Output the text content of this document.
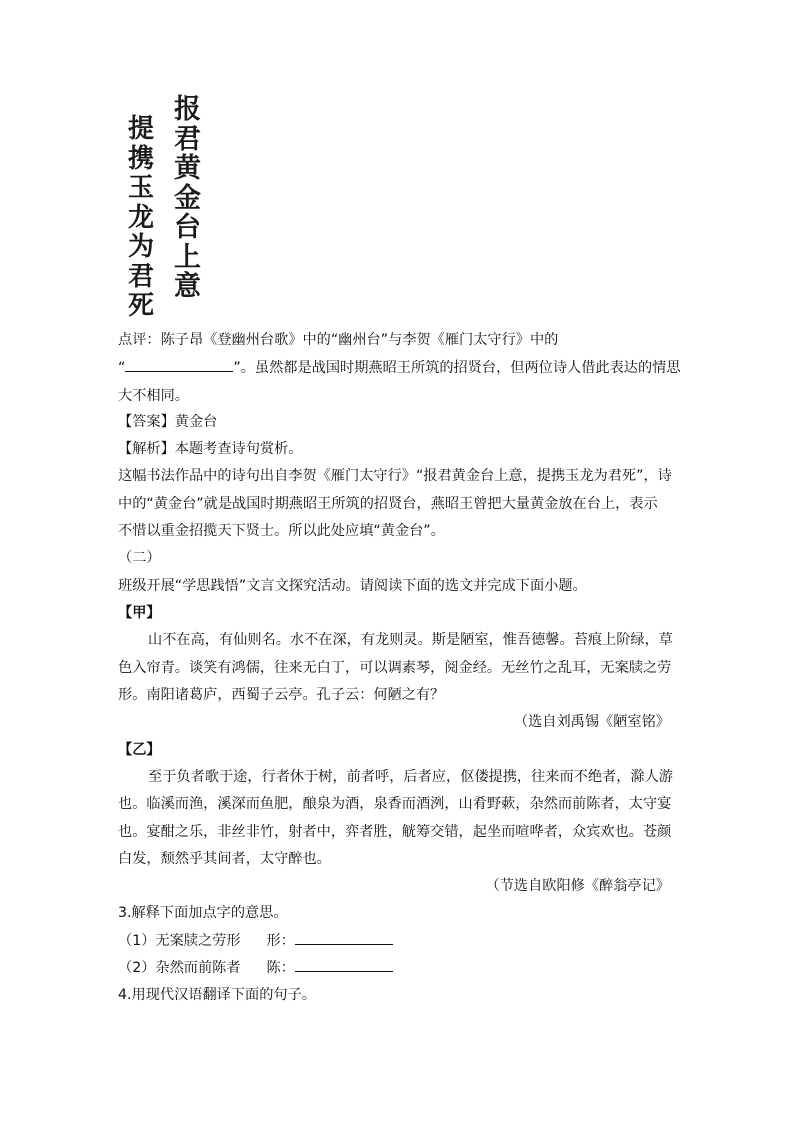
报
君
黄
金
台
上
意
提
携
玉
龙
为
君
死
点评：陈子昂《登幽州台歌》中的“幽州台”与李贺《雁门太守行》中的
“	”。虽然都是战国时期燕昭王所筑的招贤台，但两位诗人借此表达的情思
大不相同。
【答案】黄金台
【解析】本题考查诗句赏析。
这幅书法作品中的诗句出自李贺《雁门太守行》“报君黄金台上意，提携玉龙为君死”，诗
中的“黄金台”就是战国时期燕昭王所筑的招贤台，燕昭王曾把大量黄金放在台上，表示
不惜以重金招揽天下贤士。所以此处应填“黄金台”。
（二）
班级开展“学思践悟”文言文探究活动。请阅读下面的选文并完成下面小题。
【甲】
山不在高，有仙则名。水不在深，有龙则灵。斯是陋室，惟吾德馨。苔痕上阶绿，草
色入帘青。谈笑有鸿儒，往来无白丁，可以调素琴，阅金经。无丝竹之乱耳，无案牍之劳
形。南阳诸葛庐，西蜀子云亭。孔子云：何陋之有？
（选自刘禹锡《陋室铭》
【乙】
至于负者歌于途，行者休于树，前者呼，后者应，伛偻提携，往来而不绝者，滁人游
也。临溪而渔，溪深而鱼肥，酿泉为酒，泉香而酒洌，山肴野蔌，杂然而前陈者，太守宴
也。宴酣之乐，非丝非竹，射者中，弈者胜，觥筹交错，起坐而喧哗者，众宾欢也。苍颜
白发，颓然乎其间者，太守醉也。
（节选自欧阳修《醉翁亭记》
3.解释下面加点字的意思。
（1）无案牍之劳形 形：
（2）杂然而前陈者 陈：
4.用现代汉语翻译下面的句子。
